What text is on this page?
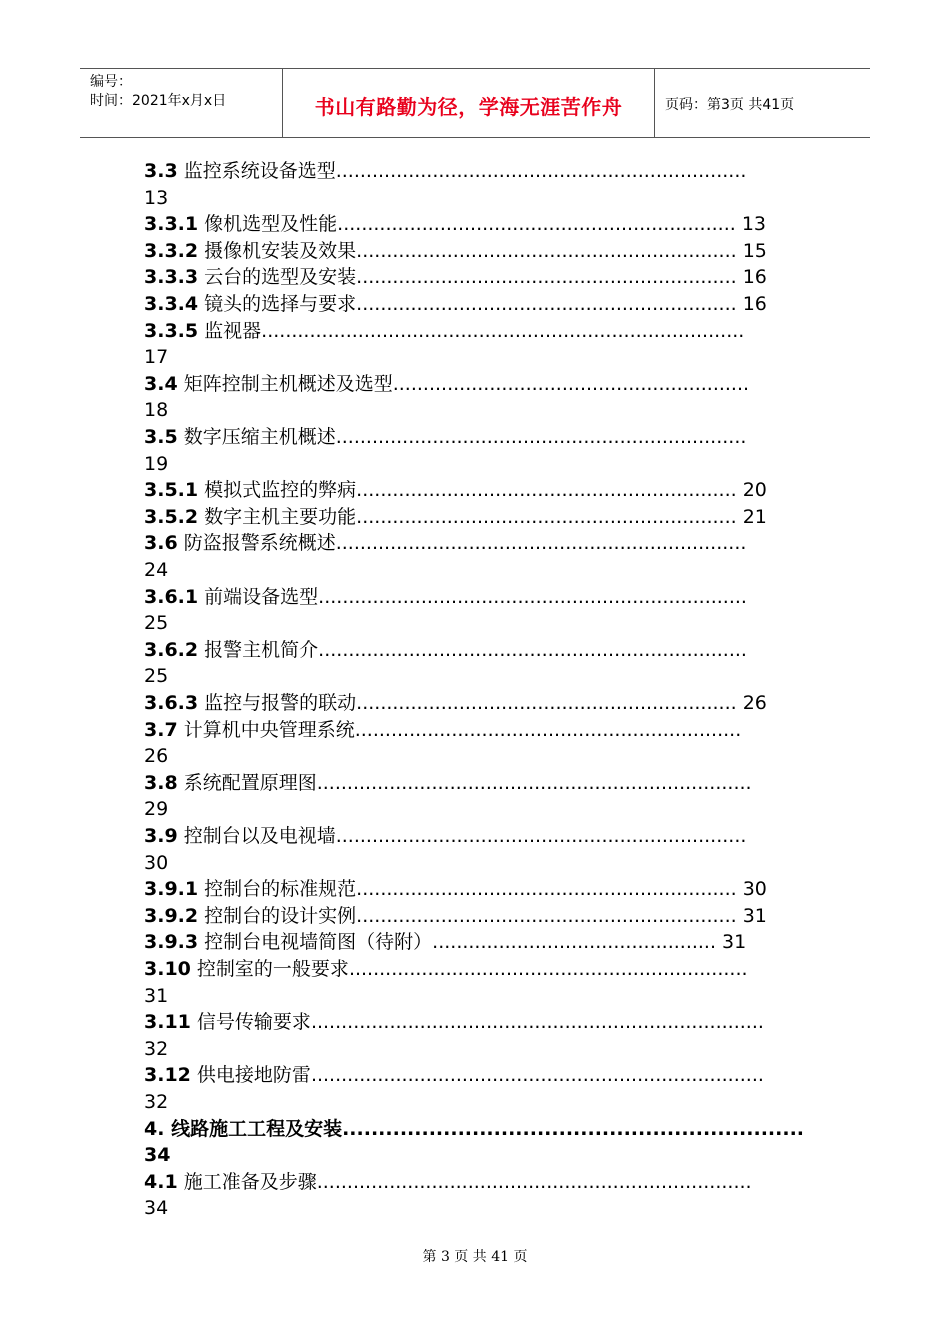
编号：
时间：2021年x月x日	书山有路勤为径，学海无涯苦作舟	页码：第3页 共41页
3.3 监控系统设备选型....................................................................
13
3.3.1 像机选型及性能.................................................................. 13
3.3.2 摄像机安装及效果............................................................... 15
3.3.3 云台的选型及安装............................................................... 16
3.3.4 镜头的选择与要求............................................................... 16
3.3.5 监视器................................................................................
17
3.4 矩阵控制主机概述及选型...........................................................
18
3.5 数字压缩主机概述....................................................................
19
3.5.1 模拟式监控的弊病............................................................... 20
3.5.2 数字主机主要功能............................................................... 21
3.6 防盗报警系统概述....................................................................
24
3.6.1 前端设备选型.......................................................................
25
3.6.2 报警主机简介.......................................................................
25
3.6.3 监控与报警的联动............................................................... 26
3.7 计算机中央管理系统................................................................
26
3.8 系统配置原理图........................................................................
29
3.9 控制台以及电视墙....................................................................
30
3.9.1 控制台的标准规范............................................................... 30
3.9.2 控制台的设计实例............................................................... 31
3.9.3 控制台电视墙简图（待附）............................................... 31
3.10 控制室的一般要求..................................................................
31
3.11 信号传输要求...........................................................................
32
3.12 供电接地防雷...........................................................................
32
4. 线路施工工程及安装................................................................
34
4.1 施工准备及步骤........................................................................
34
第 3 页 共 41 页
